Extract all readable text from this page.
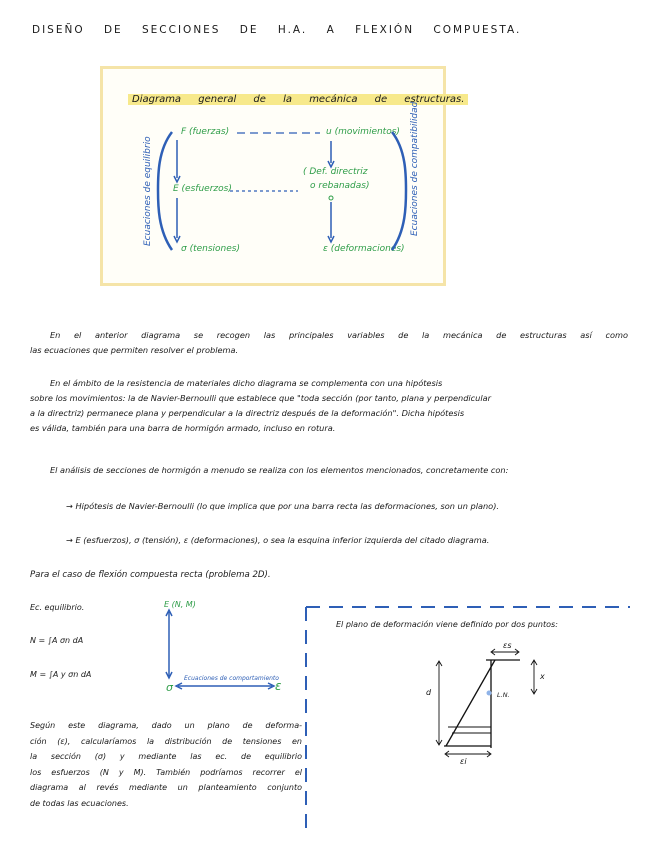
DISEÑO DE SECCIONES DE H.A. A FLEXIÓN COMPUESTA.
Diagrama general de la mecánica de estructuras.
F (fuerzas)	u (movimientos)
E (esfuerzos)
( Def. directriz
o rebanadas)
σ (tensiones)	ε (deformaciones)
Ecuaciones de equilibrio	Ecuaciones de compatibilidad
En el anterior diagrama se recogen las principales variables de la mecánica de estructuras así como
las ecuaciones que permiten resolver el problema.
En el ámbito de la resistencia de materiales dicho diagrama se complementa con una hipótesis
sobre los movimientos: la de Navier-Bernoulli que establece que "toda sección (por tanto, plana y perpendicular
a la directriz) permanece plana y perpendicular a la directriz después de la deformación". Dicha hipótesis
es válida, también para una barra de hormigón armado, incluso en rotura.
El análisis de secciones de hormigón a menudo se realiza con los elementos mencionados, concretamente con:
→ Hipótesis de Navier-Bernoulli (lo que implica que por una barra recta las deformaciones, son un plano).
→ E (esfuerzos), σ (tensión), ε (deformaciones), o sea la esquina inferior izquierda del citado diagrama.
Para el caso de flexión compuesta recta (problema 2D).
Ec. equilibrio.
N = ∫A σn dA
M = ∫A y σn dA
E (N, M)
σ	ε
Ecuaciones de comportamiento
Según este diagrama, dado un plano de deforma-
ción (ε), calcularíamos la distribución de tensiones en
la sección (σ) y mediante las ec. de equilibrio
los esfuerzos (N y M). También podríamos recorrer el
diagrama al revés mediante un planteamiento conjunto
de todas las ecuaciones.
El plano de deformación viene definido por dos puntos:
εs
εi
d
x
L.N.
